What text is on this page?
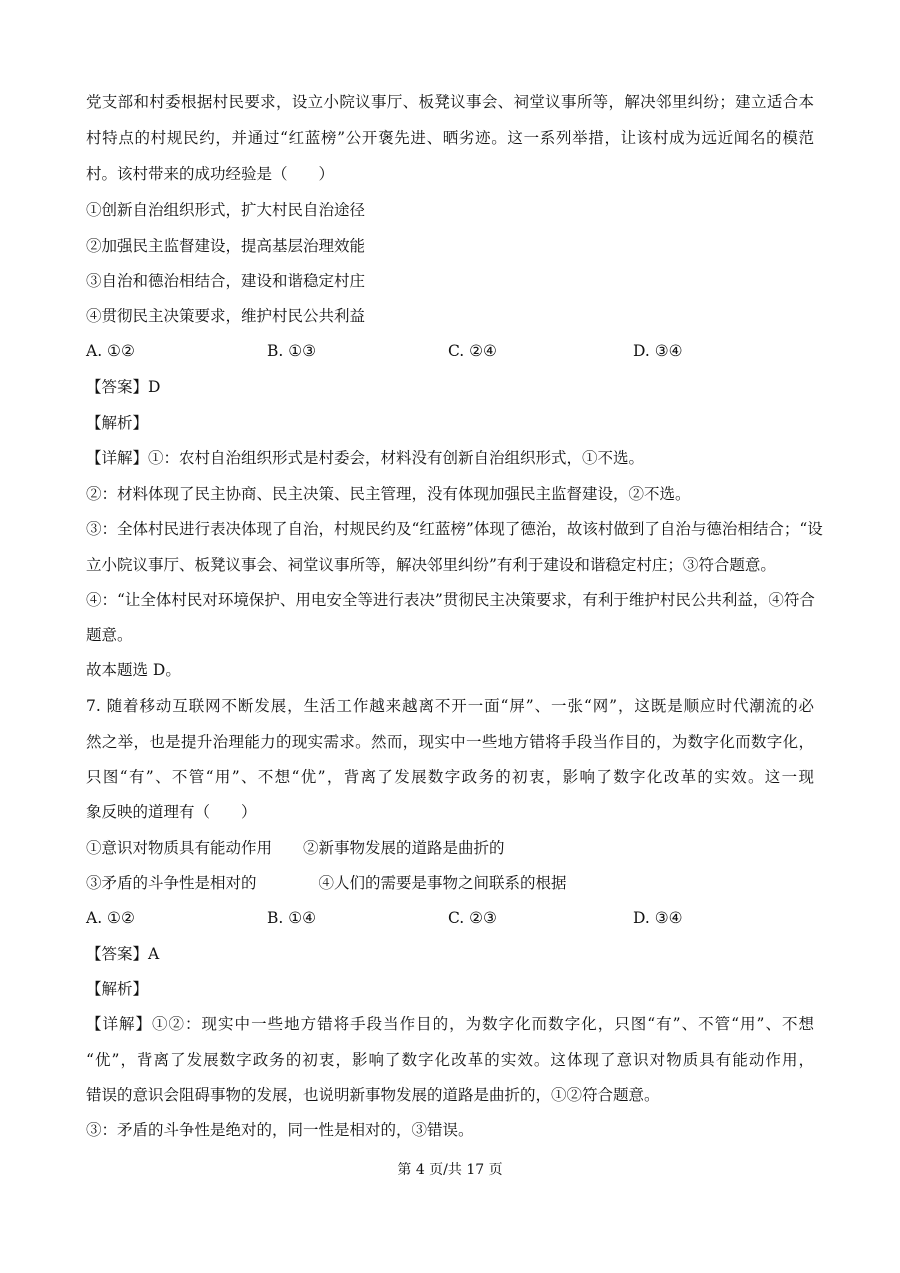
党支部和村委根据村民要求，设立小院议事厅、板凳议事会、祠堂议事所等，解决邻里纠纷；建立适合本
村特点的村规民约，并通过“红蓝榜”公开褒先进、晒劣迹。这一系列举措，让该村成为远近闻名的模范
村。该村带来的成功经验是（　　）
①创新自治组织形式，扩大村民自治途径
②加强民主监督建设，提高基层治理效能
③自治和德治相结合，建设和谐稳定村庄
④贯彻民主决策要求，维护村民公共利益
A. ①②	B. ①③	C. ②④	D. ③④
【答案】D
【解析】
【详解】①：农村自治组织形式是村委会，材料没有创新自治组织形式，①不选。
②：材料体现了民主协商、民主决策、民主管理，没有体现加强民主监督建设，②不选。
③：全体村民进行表决体现了自治，村规民约及“红蓝榜”体现了德治，故该村做到了自治与德治相结合；“设
立小院议事厅、板凳议事会、祠堂议事所等，解决邻里纠纷”有利于建设和谐稳定村庄；③符合题意。
④：“让全体村民对环境保护、用电安全等进行表决”贯彻民主决策要求，有利于维护村民公共利益，④符合
题意。
故本题选 D。
7. 随着移动互联网不断发展，生活工作越来越离不开一面“屏”、一张“网”，这既是顺应时代潮流的必
然之举，也是提升治理能力的现实需求。然而，现实中一些地方错将手段当作目的，为数字化而数字化，
只图“有”、不管“用”、不想“优”，背离了发展数字政务的初衷，影响了数字化改革的实效。这一现
象反映的道理有（　　）
①意识对物质具有能动作用　　②新事物发展的道路是曲折的
③矛盾的斗争性是相对的　　　　④人们的需要是事物之间联系的根据
A. ①②	B. ①④	C. ②③	D. ③④
【答案】A
【解析】
【详解】①②：现实中一些地方错将手段当作目的，为数字化而数字化，只图“有”、不管“用”、不想
“优”，背离了发展数字政务的初衷，影响了数字化改革的实效。这体现了意识对物质具有能动作用，
错误的意识会阻碍事物的发展，也说明新事物发展的道路是曲折的，①②符合题意。
③：矛盾的斗争性是绝对的，同一性是相对的，③错误。
第 4 页/共 17 页
